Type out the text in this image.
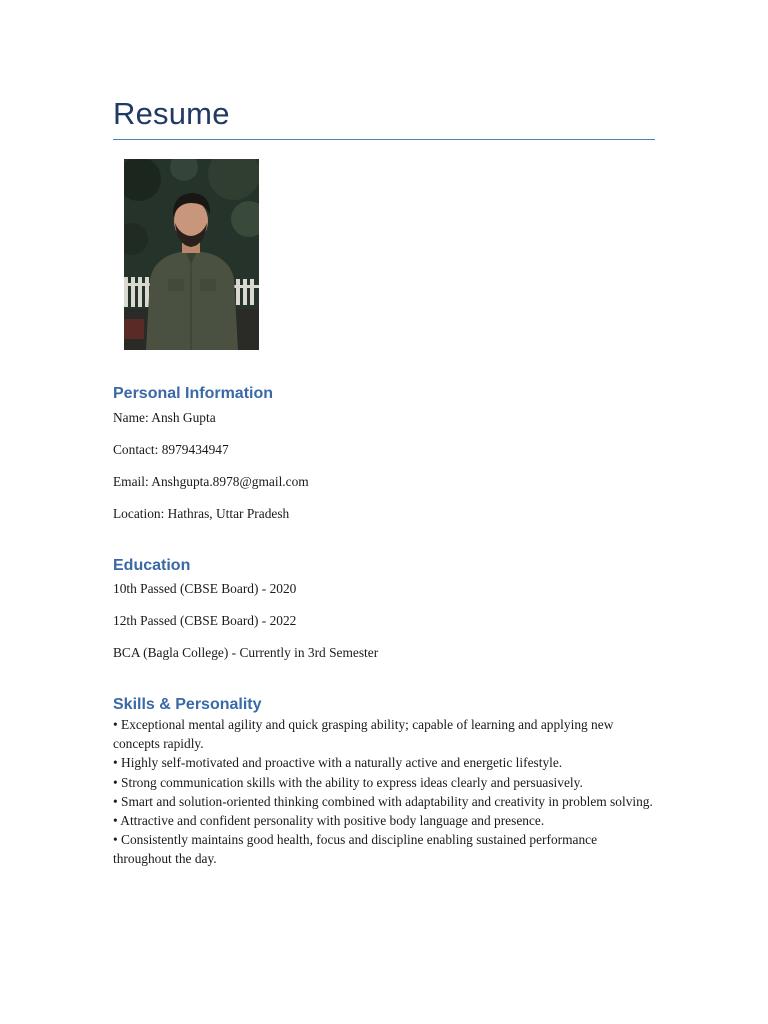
Resume
Personal Information

Name: Ansh Gupta

Contact: 8979434947

Email: Anshgupta.8978@gmail.com

Location: Hathras, Uttar Pradesh

Education

10th Passed (CBSE Board) - 2020

12th Passed (CBSE Board) - 2022

BCA (Bagla College) - Currently in 3rd Semester

Skills & Personality

• Exceptional mental agility and quick grasping ability; capable of learning and applying new concepts rapidly.

• Highly self-motivated and proactive with a naturally active and energetic lifestyle.

• Strong communication skills with the ability to express ideas clearly and persuasively.

• Smart and solution-oriented thinking combined with adaptability and creativity in problem solving.

• Attractive and confident personality with positive body language and presence.

• Consistently maintains good health, focus and discipline enabling sustained performance throughout the day.
